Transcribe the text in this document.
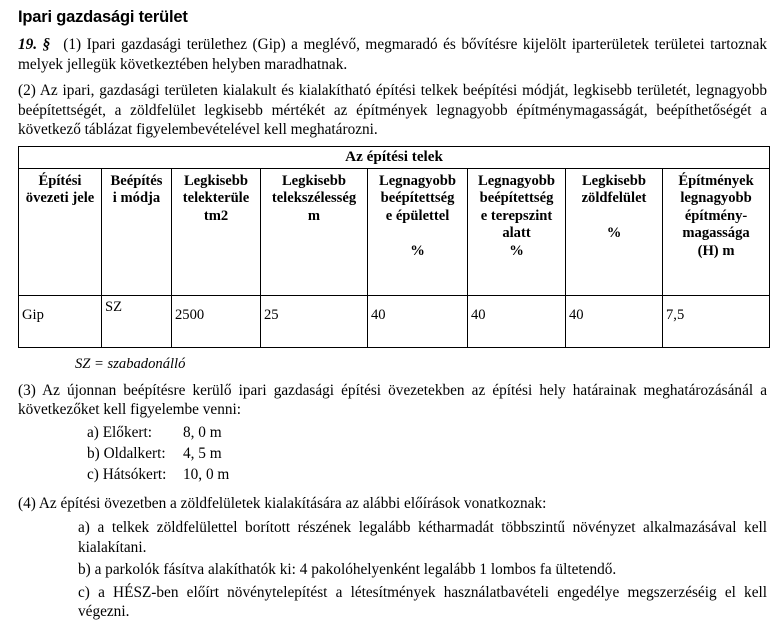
Ipari gazdasági terület

19. § (1) Ipari gazdasági területhez (Gip) a meglévő, megmaradó és bővítésre kijelölt iparterületek területei tartoznak melyek jellegük következtében helyben maradhatnak.

(2) Az ipari, gazdasági területen kialakult és kialakítható építési telkek beépítési módját, legkisebb területét, legnagyobb beépítettségét, a zöldfelület legkisebb mértékét az építmények legnagyobb építménymagasságát, beépíthetőségét a következő táblázat figyelembevételével kell meghatározni.

Az építési telek							
Építési
övezeti jele	Beépítés
i módja	Legkisebb
telekterüle
tm2	Legkisebb
telekszélesség
m	Legnagyobb
beépítettség
e épülettel

%	Legnagyobb
beépítettség
e terepszint
alatt
%	Legkisebb
zöldfelület

%	Építmények
legnagyobb
építmény-
magassága
(H) m
Gip	SZ	2500	25	40	40	40	7,5

SZ = szabadonálló

(3) Az újonnan beépítésre kerülő ipari gazdasági építési övezetekben az építési hely határainak meghatározásánál a következőket kell figyelembe venni:

a) Előkert:	8, 0 m
b) Oldalkert:	4, 5 m
c) Hátsókert:	10, 0 m

(4) Az építési övezetben a zöldfelületek kialakítására az alábbi előírások vonatkoznak:

a) a telkek zöldfelülettel borított részének legalább kétharmadát többszintű növényzet alkalmazásával kell kialakítani.
b) a parkolók fásítva alakíthatók ki: 4 pakolóhelyenként legalább 1 lombos fa ültetendő.
c) a HÉSZ-ben előírt növénytelepítést a létesítmények használatbavételi engedélye megszerzéséig el kell végezni.
